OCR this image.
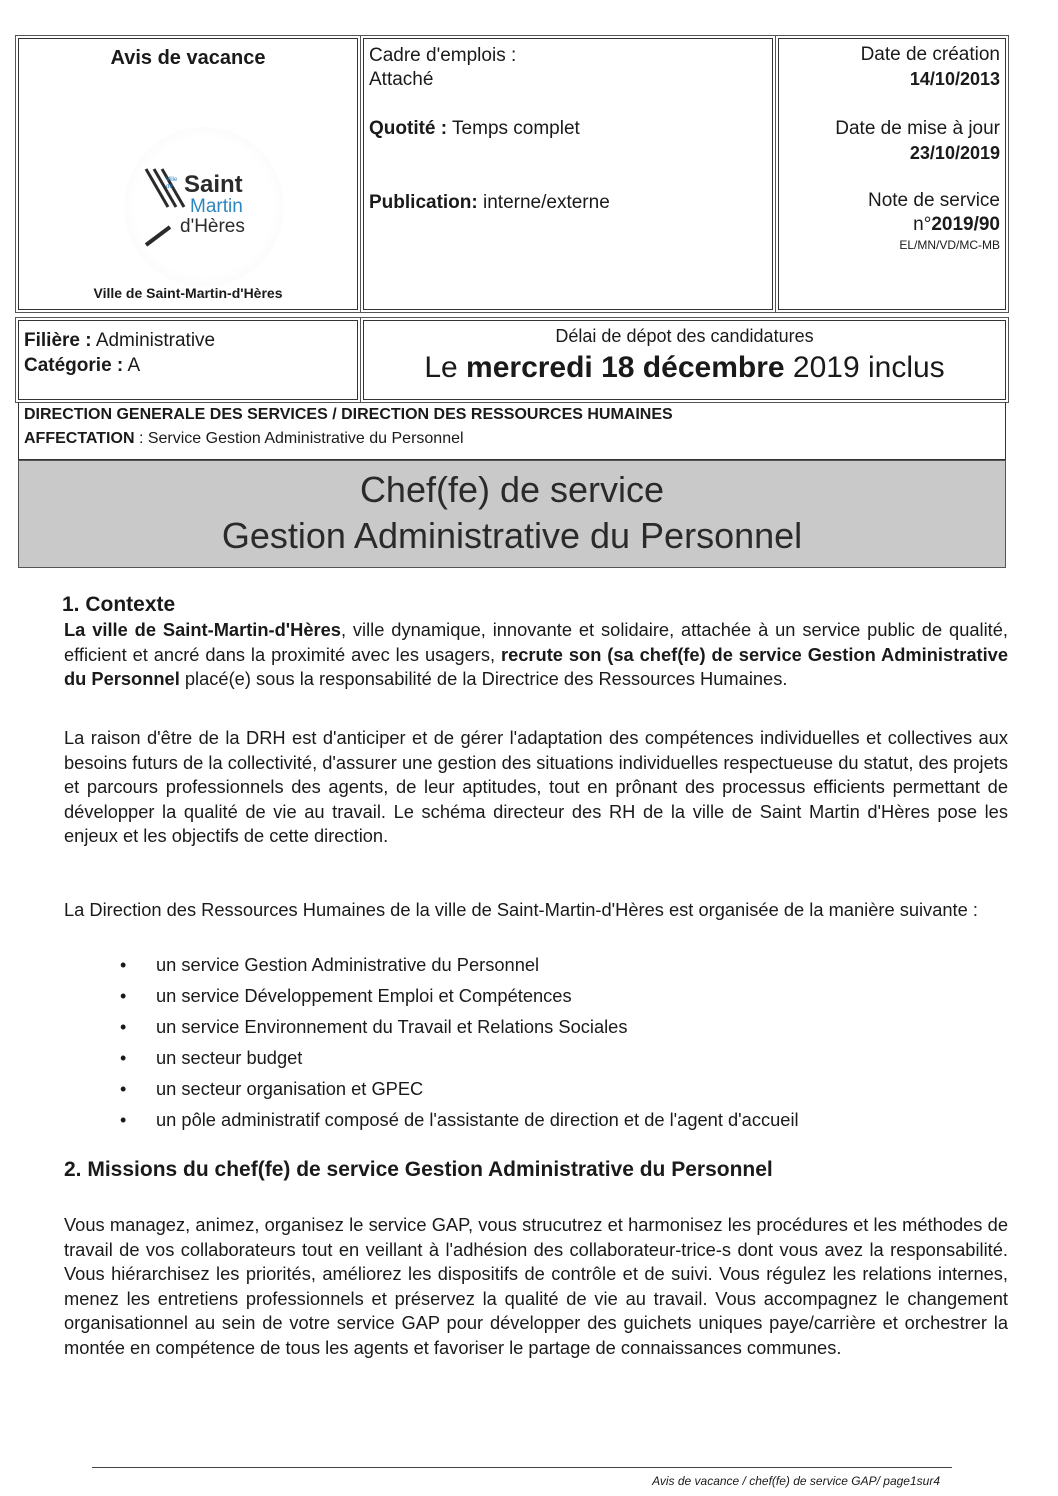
Avis de vacance
Ville de Saint
Martin
d'Hères
Ville de Saint-Martin-d'Hères
Cadre d'emplois :
Attaché
Quotité : Temps complet
Publication: interne/externe
Date de création
14/10/2013
Date de mise à jour
23/10/2019
Note de service
n°2019/90
EL/MN/VD/MC-MB
Filière : Administrative
Catégorie : A
Délai de dépot des candidatures
Le mercredi 18 décembre 2019 inclus
DIRECTION GENERALE DES SERVICES / DIRECTION DES RESSOURCES HUMAINES
AFFECTATION : Service Gestion Administrative du Personnel
Chef(fe) de service
Gestion Administrative du Personnel
1. Contexte
La ville de Saint-Martin-d'Hères, ville dynamique, innovante et solidaire, attachée à un service public de qualité, efficient et ancré dans la proximité avec les usagers, recrute son (sa chef(fe) de service Gestion Administrative du Personnel placé(e) sous la responsabilité de la Directrice des Ressources Humaines.
La raison d'être de la DRH est d'anticiper et de gérer l'adaptation des compétences individuelles et collectives aux besoins futurs de la collectivité, d'assurer une gestion des situations individuelles respectueuse du statut, des projets et parcours professionnels des agents, de leur aptitudes, tout en prônant des processus efficients permettant de développer la qualité de vie au travail. Le schéma directeur des RH de la ville de Saint Martin d'Hères pose les enjeux et les objectifs de cette direction.
La Direction des Ressources Humaines de la ville de Saint-Martin-d'Hères est organisée de la manière suivante :
• un service Gestion Administrative du Personnel
• un service Développement Emploi et Compétences
• un service Environnement du Travail et Relations Sociales
• un secteur budget
• un secteur organisation et GPEC
• un pôle administratif composé de l'assistante de direction et de l'agent d'accueil
2. Missions du chef(fe) de service Gestion Administrative du Personnel
Vous managez, animez, organisez le service GAP, vous strucutrez et harmonisez les procédures et les méthodes de travail de vos collaborateurs tout en veillant à l'adhésion des collaborateur-trice-s dont vous avez la responsabilité. Vous hiérarchisez les priorités, améliorez les dispositifs de contrôle et de suivi. Vous régulez les relations internes, menez les entretiens professionnels et préservez la qualité de vie au travail. Vous accompagnez le changement organisationnel au sein de votre service GAP pour développer des guichets uniques paye/carrière et orchestrer la montée en compétence de tous les agents et favoriser le partage de connaissances communes.
Avis de vacance / chef(fe) de service GAP/ page1sur4
